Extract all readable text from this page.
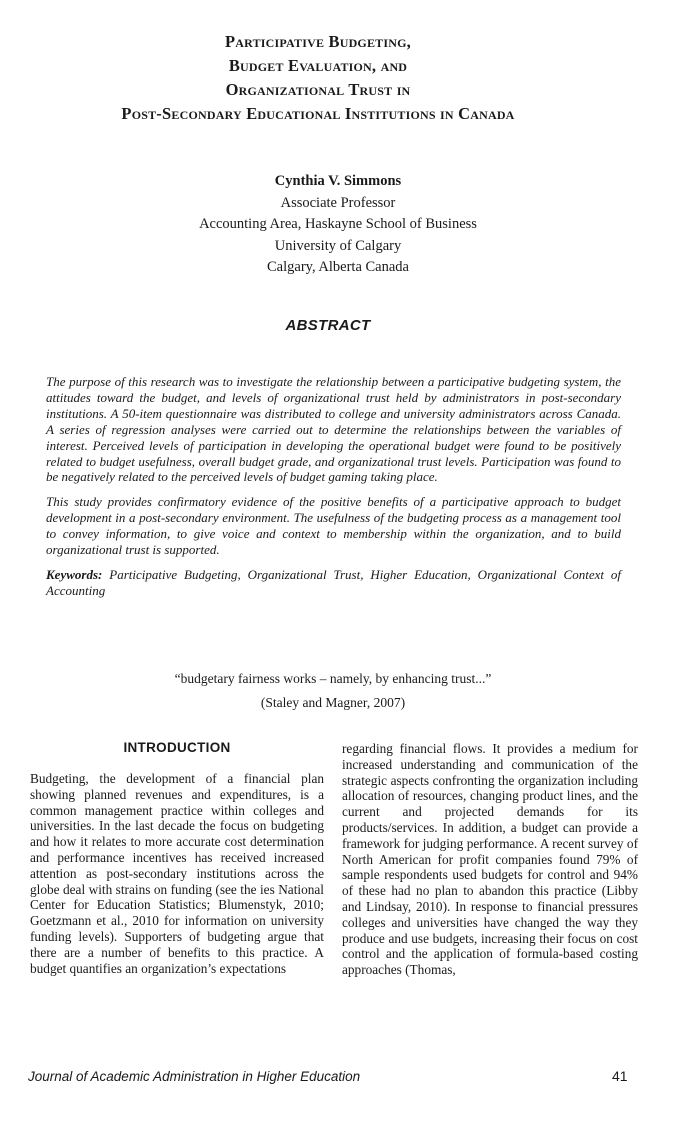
Participative Budgeting,
Budget Evaluation, and
Organizational Trust in
Post-Secondary Educational Institutions in Canada
Cynthia V. Simmons
Associate Professor
Accounting Area, Haskayne School of Business
University of Calgary
Calgary, Alberta Canada
ABSTRACT

The purpose of this research was to investigate the relationship between a participative budgeting system, the attitudes toward the budget, and levels of organizational trust held by administrators in post-secondary institutions. A 50-item questionnaire was distributed to college and university administrators across Canada. A series of regression analyses were carried out to determine the relationships between the variables of interest. Perceived levels of participation in developing the operational budget were found to be positively related to budget usefulness, overall budget grade, and organizational trust levels. Participation was found to be negatively related to the perceived levels of budget gaming taking place.

This study provides confirmatory evidence of the positive benefits of a participative approach to budget development in a post-secondary environment. The usefulness of the budgeting process as a management tool to convey information, to give voice and context to membership within the organization, and to build organizational trust is supported.

Keywords: Participative Budgeting, Organizational Trust, Higher Education, Organizational Context of Accounting

“budgetary fairness works – namely, by enhancing trust...”
(Staley and Magner, 2007)
INTRODUCTION
Budgeting, the development of a financial plan showing planned revenues and expenditures, is a common management practice within colleges and universities. In the last decade the focus on budgeting and how it relates to more accurate cost determination and performance incentives has received increased attention as post-secondary institutions across the globe deal with strains on funding (see the ies National Center for Education Statistics; Blumenstyk, 2010; Goetzmann et al., 2010 for information on university funding levels). Supporters of budgeting argue that there are a number of benefits to this practice. A budget quantifies an organization’s expectations
regarding financial flows. It provides a medium for increased understanding and communication of the strategic aspects confronting the organization including allocation of resources, changing product lines, and the current and projected demands for its products/services. In addition, a budget can provide a framework for judging performance. A recent survey of North American for profit companies found 79% of sample respondents used budgets for control and 94% of these had no plan to abandon this practice (Libby and Lindsay, 2010). In response to financial pressures colleges and universities have changed the way they produce and use budgets, increasing their focus on cost control and the application of formula-based costing approaches (Thomas,
Journal of Academic Administration in Higher Education	41
